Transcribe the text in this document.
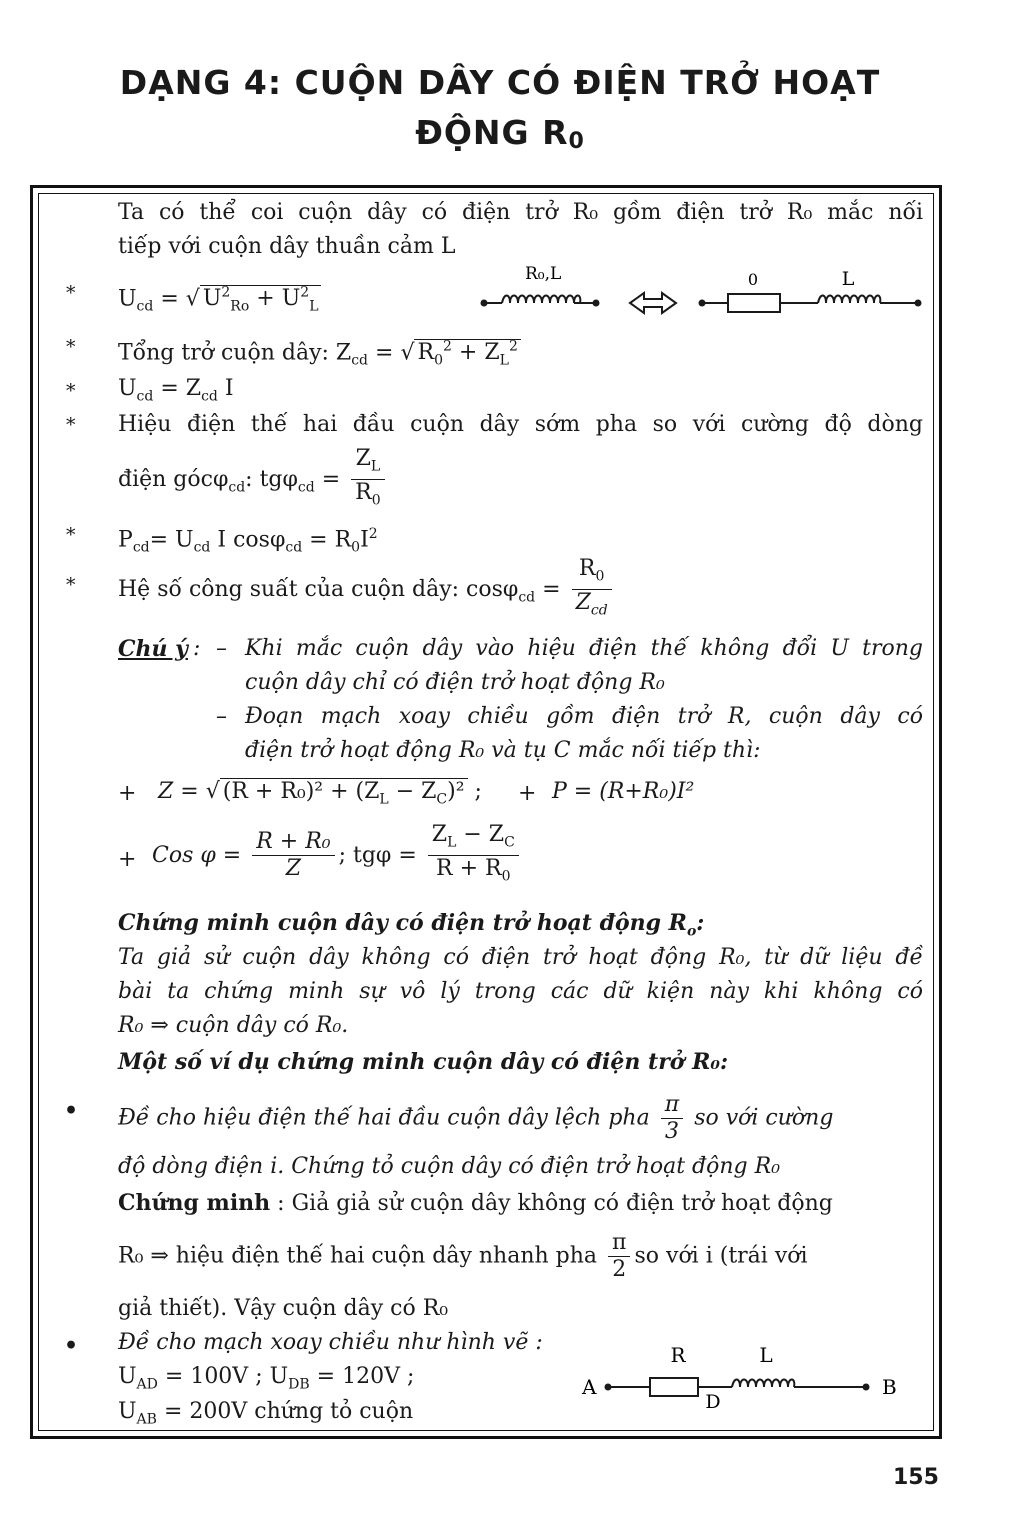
DẠNG 4: CUỘN DÂY CÓ ĐIỆN TRỞ HOẠT
ĐỘNG $R_0$
Ta có thể coi cuộn dây có điện trở R₀ gồm điện trở R₀ mắc nối
tiếp với cuộn dây thuần cảm L
* $U_{cd}$ = √ $U^2_{Ro} + U^2_L$
R₀,L	0	L
* Tổng trở cuộn dây: $Z_{cd}$ = √ $R_0^2 + Z_L^2$
* $U_{cd} = Z_{cd}$ I
* Hiệu điện thế hai đầu cuộn dây sớm pha so với cường độ dòng
điện gócφ$_{cd}$: $tg\varphi_{cd} = \frac{Z_L}{R_0}$
* $P_{cd}= U_{cd}$ I $\cos\varphi_{cd} = R_0I^2$
* Hệ số công suất của cuộn dây: $\cos\varphi_{cd} = \frac{R_0}{Z_{cd}}$
Chú ý : – Khi mắc cuộn dây vào hiệu điện thế không đổi U trong
cuộn dây chỉ có điện trở hoạt động R₀
– Đoạn mạch xoay chiều gồm điện trở R, cuộn dây có
điện trở hoạt động R₀ và tụ C mắc nối tiếp thì:
+ Z = √ $(R + R_0)^2 + (Z_L - Z_C)^2$ ; + P = (R+R₀)I²
+ Cos $\varphi = \frac{\text{R + R₀}}{Z}$ ; $tg\varphi = \frac{Z_L - Z_C}{R + R_0}$
Chứng minh cuộn dây có điện trở hoạt động $R_o$:
Ta giả sử cuộn dây không có điện trở hoạt động R₀, từ dữ liệu đề
bài ta chứng minh sự vô lý trong các dữ kiện này khi không có
R₀ ⇒ cuộn dây có R₀.
Một số ví dụ chứng minh cuộn dây có điện trở R₀:
• Đề cho hiệu điện thế hai đầu cuộn dây lệch pha $\frac{\pi}{3}$ so với cường
độ dòng điện i. Chứng tỏ cuộn dây có điện trở hoạt động R₀
Chứng minh : Giả giả sử cuộn dây không có điện trở hoạt động
R₀ ⇒ hiệu điện thế hai cuộn dây nhanh pha $\frac{\pi}{2}$ so với i (trái với
giả thiết). Vậy cuộn dây có R₀
• Đề cho mạch xoay chiều như hình vẽ :
$U_{AD} = 100V$ ; $U_{DB} = 120V$ ;
$U_{AB} = 200V$ chứng tỏ cuộn
A
R
D
L
B
155
